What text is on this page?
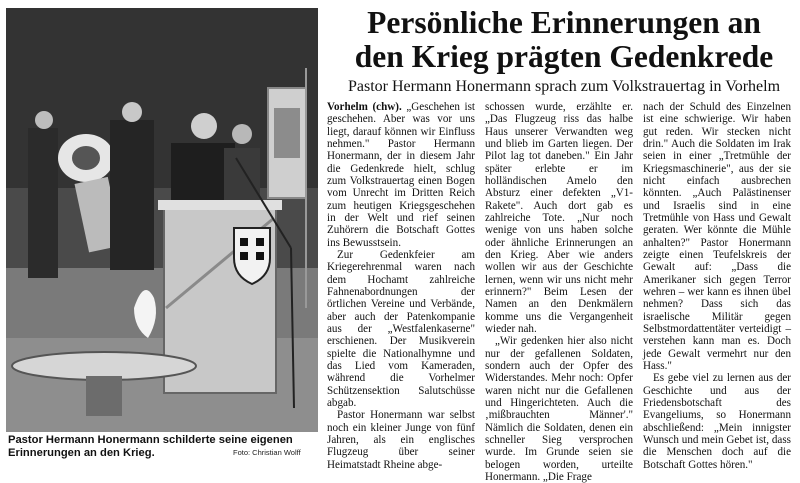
Pastor Hermann Honermann schilderte seine eigenen Erinnerungen an den Krieg.	Foto: Christian Wolff
Persönliche Erinnerungen an
den Krieg prägten Gedenkrede
Pastor Hermann Honermann sprach zum Volkstrauertag in Vorhelm

Vorhelm (chw). „Geschehen ist geschehen. Aber was vor uns liegt, darauf können wir Einfluss nehmen." Pastor Hermann Honermann, der in diesem Jahr die Gedenkrede hielt, schlug zum Volkstrauertag einen Bogen vom Unrecht im Dritten Reich zum heutigen Kriegsgeschehen in der Welt und rief seinen Zuhörern die Botschaft Gottes ins Bewusstsein.

Zur Gedenkfeier am Kriegerehrenmal waren nach dem Hochamt zahlreiche Fahnenabordnungen der örtlichen Vereine und Verbände, aber auch der Patenkompanie aus der „Westfalenkaserne" erschienen. Der Musikverein spielte die Nationalhymne und das Lied vom Kameraden, während die Vorhelmer Schützensektion Salutschüsse abgab.

Pastor Honermann war selbst noch ein kleiner Junge von fünf Jahren, als ein englisches Flugzeug über seiner Heimatstadt Rheine abge-

schossen wurde, erzählte er. „Das Flugzeug riss das halbe Haus unserer Verwandten weg und blieb im Garten liegen. Der Pilot lag tot daneben." Ein Jahr später erlebte er im holländischen Amelo den Absturz einer defekten „V1-Rakete". Auch dort gab es zahlreiche Tote. „Nur noch wenige von uns haben solche oder ähnliche Erinnerungen an den Krieg. Aber wie anders wollen wir aus der Geschichte lernen, wenn wir uns nicht mehr erinnern?" Beim Lesen der Namen an den Denkmälern komme uns die Vergangenheit wieder nah.

„Wir gedenken hier also nicht nur der gefallenen Soldaten, sondern auch der Opfer des Widerstandes. Mehr noch: Opfer waren nicht nur die Gefallenen und Hingerichteten. Auch die ‚mißbrauchten Männer'." Nämlich die Soldaten, denen ein schneller Sieg versprochen wurde. Im Grunde seien sie belogen worden, urteilte Honermann. „Die Frage

nach der Schuld des Einzelnen ist eine schwierige. Wir haben gut reden. Wir stecken nicht drin." Auch die Soldaten im Irak seien in einer „Tretmühle der Kriegsmaschinerie", aus der sie nicht einfach ausbrechen könnten. „Auch Palästinenser und Israelis sind in eine Tretmühle von Hass und Gewalt geraten. Wer könnte die Mühle anhalten?" Pastor Honermann zeigte einen Teufelskreis der Gewalt auf: „Dass die Amerikaner sich gegen Terror wehren – wer kann es ihnen übel nehmen? Dass sich das israelische Militär gegen Selbstmordattentäter verteidigt – verstehen kann man es. Doch jede Gewalt vermehrt nur den Hass."

Es gebe viel zu lernen aus der Geschichte und aus der Friedensbotschaft des Evangeliums, so Honermann abschließend: „Mein innigster Wunsch und mein Gebet ist, dass die Menschen doch auf die Botschaft Gottes hören."
